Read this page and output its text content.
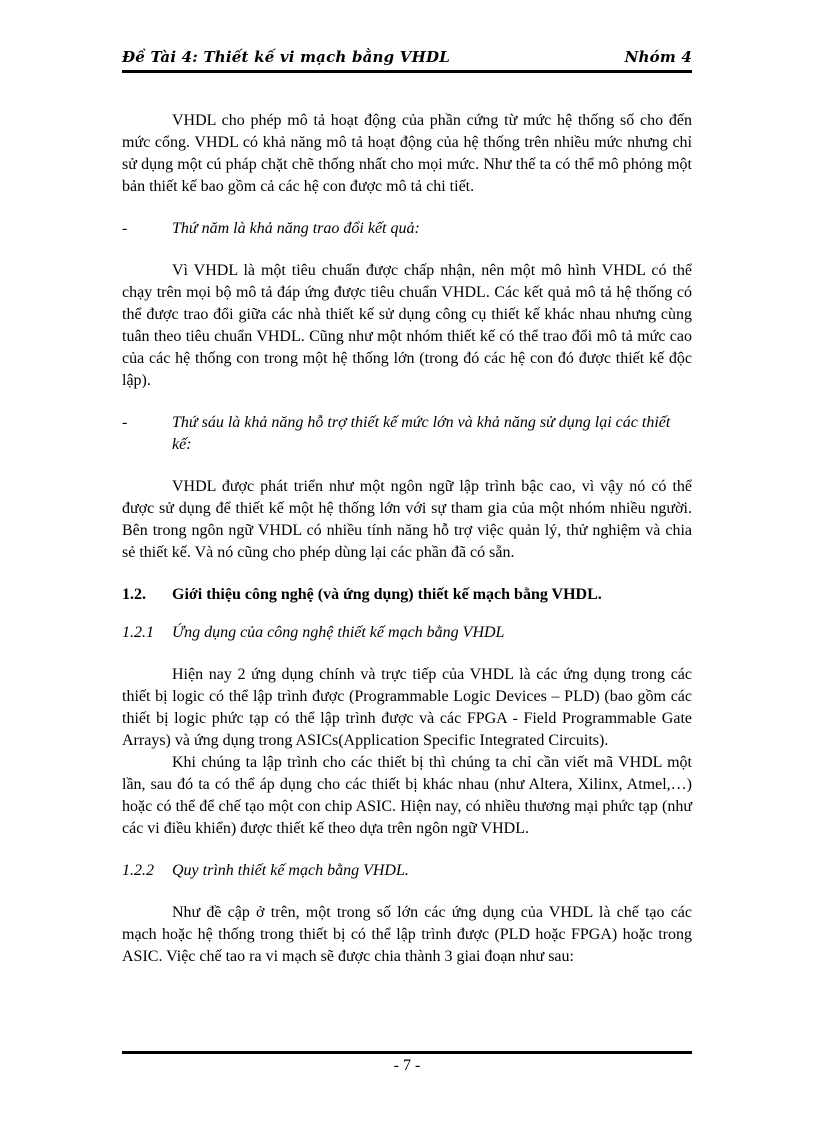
Đề Tài 4: Thiết kế vi mạch bằng VHDL	Nhóm 4

VHDL cho phép mô tả hoạt động của phần cứng từ mức hệ thống số cho đến mức cổng. VHDL có khả năng mô tả hoạt động của hệ thống trên nhiều mức nhưng chỉ sử dụng một cú pháp chặt chẽ thống nhất cho mọi mức. Như thế ta có thể mô phỏng một bản thiết kế bao gồm cả các hệ con được mô tả chi tiết.

-	Thứ năm là khả năng trao đổi kết quả:

Vì VHDL là một tiêu chuẩn được chấp nhận, nên một mô hình VHDL có thể chạy trên mọi bộ mô tả đáp ứng được tiêu chuẩn VHDL. Các kết quả mô tả hệ thống có thể được trao đổi giữa các nhà thiết kế sử dụng công cụ thiết kế khác nhau nhưng cùng tuân theo tiêu chuẩn VHDL. Cũng như một nhóm thiết kế có thể trao đổi mô tả mức cao của các hệ thống con trong một hệ thống lớn (trong đó các hệ con đó được thiết kế độc lập).

-	Thứ sáu là khả năng hỗ trợ thiết kế mức lớn và khả năng sử dụng lại các thiết kế:

VHDL được phát triển như một ngôn ngữ lập trình bậc cao, vì vậy nó có thể được sử dụng để thiết kế một hệ thống lớn với sự tham gia của một nhóm nhiều người. Bên trong ngôn ngữ VHDL có nhiều tính năng hỗ trợ việc quản lý, thử nghiệm và chia sẻ thiết kế. Và nó cũng cho phép dùng lại các phần đã có sẵn.

1.2. Giới thiệu công nghệ (và ứng dụng) thiết kế mạch bằng VHDL.

1.2.1 Ứng dụng của công nghệ thiết kế mạch bằng VHDL

Hiện nay 2 ứng dụng chính và trực tiếp của VHDL là các ứng dụng trong các thiết bị logic có thể lập trình được (Programmable Logic Devices – PLD) (bao gồm các thiết bị logic phức tạp có thể lập trình được và các FPGA - Field Programmable Gate Arrays) và ứng dụng trong ASICs(Application Specific Integrated Circuits).

Khi chúng ta lập trình cho các thiết bị thì chúng ta chỉ cần viết mã VHDL một lần, sau đó ta có thể áp dụng cho các thiết bị khác nhau (như Altera, Xilinx, Atmel,…) hoặc có thể để chế tạo một con chip ASIC. Hiện nay, có nhiều thương mại phức tạp (như các vi điều khiển) được thiết kế theo dựa trên ngôn ngữ VHDL.

1.2.2 Quy trình thiết kế mạch bằng VHDL.

Như đề cập ở trên, một trong số lớn các ứng dụng của VHDL là chế tạo các mạch hoặc hệ thống trong thiết bị có thể lập trình được (PLD hoặc FPGA) hoặc trong ASIC. Việc chế tao ra vi mạch sẽ được chia thành 3 giai đoạn như sau:

- 7 -
